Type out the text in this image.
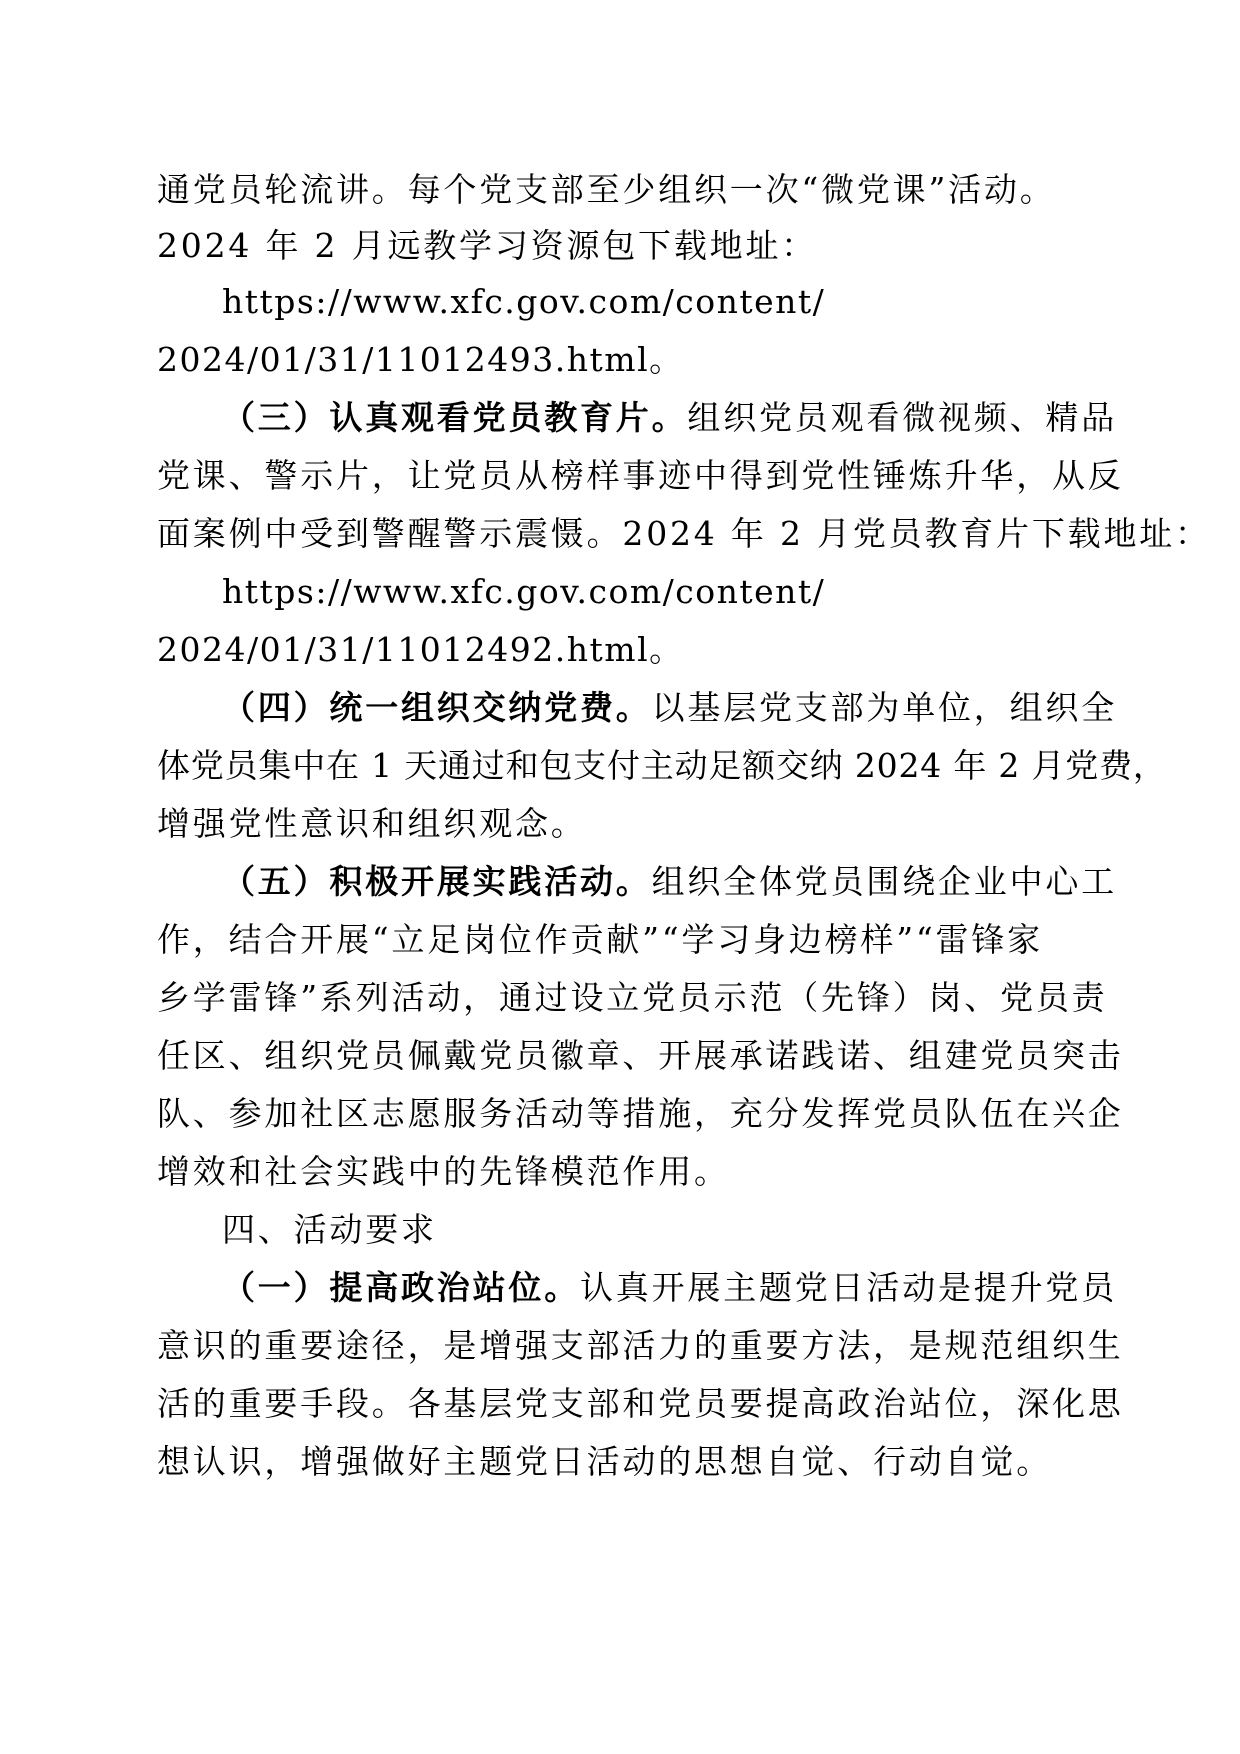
通党员轮流讲。每个党支部至少组织一次“微党课”活动。
2024 年 2 月远教学习资源包下载地址：
https://www.xfc.gov.com/content/
2024/01/31/11012493.html。
（三）认真观看党员教育片。组织党员观看微视频、精品
党课、警示片，让党员从榜样事迹中得到党性锤炼升华，从反
面案例中受到警醒警示震慑。2024 年 2 月党员教育片下载地址：
https://www.xfc.gov.com/content/
2024/01/31/11012492.html。
（四）统一组织交纳党费。以基层党支部为单位，组织全
体党员集中在 1 天通过和包支付主动足额交纳 2024 年 2 月党费，
增强党性意识和组织观念。
（五）积极开展实践活动。组织全体党员围绕企业中心工
作，结合开展“立足岗位作贡献”“学习身边榜样”“雷锋家
乡学雷锋”系列活动，通过设立党员示范（先锋）岗、党员责
任区、组织党员佩戴党员徽章、开展承诺践诺、组建党员突击
队、参加社区志愿服务活动等措施，充分发挥党员队伍在兴企
增效和社会实践中的先锋模范作用。
四、活动要求
（一）提高政治站位。认真开展主题党日活动是提升党员
意识的重要途径，是增强支部活力的重要方法，是规范组织生
活的重要手段。各基层党支部和党员要提高政治站位，深化思
想认识，增强做好主题党日活动的思想自觉、行动自觉。
